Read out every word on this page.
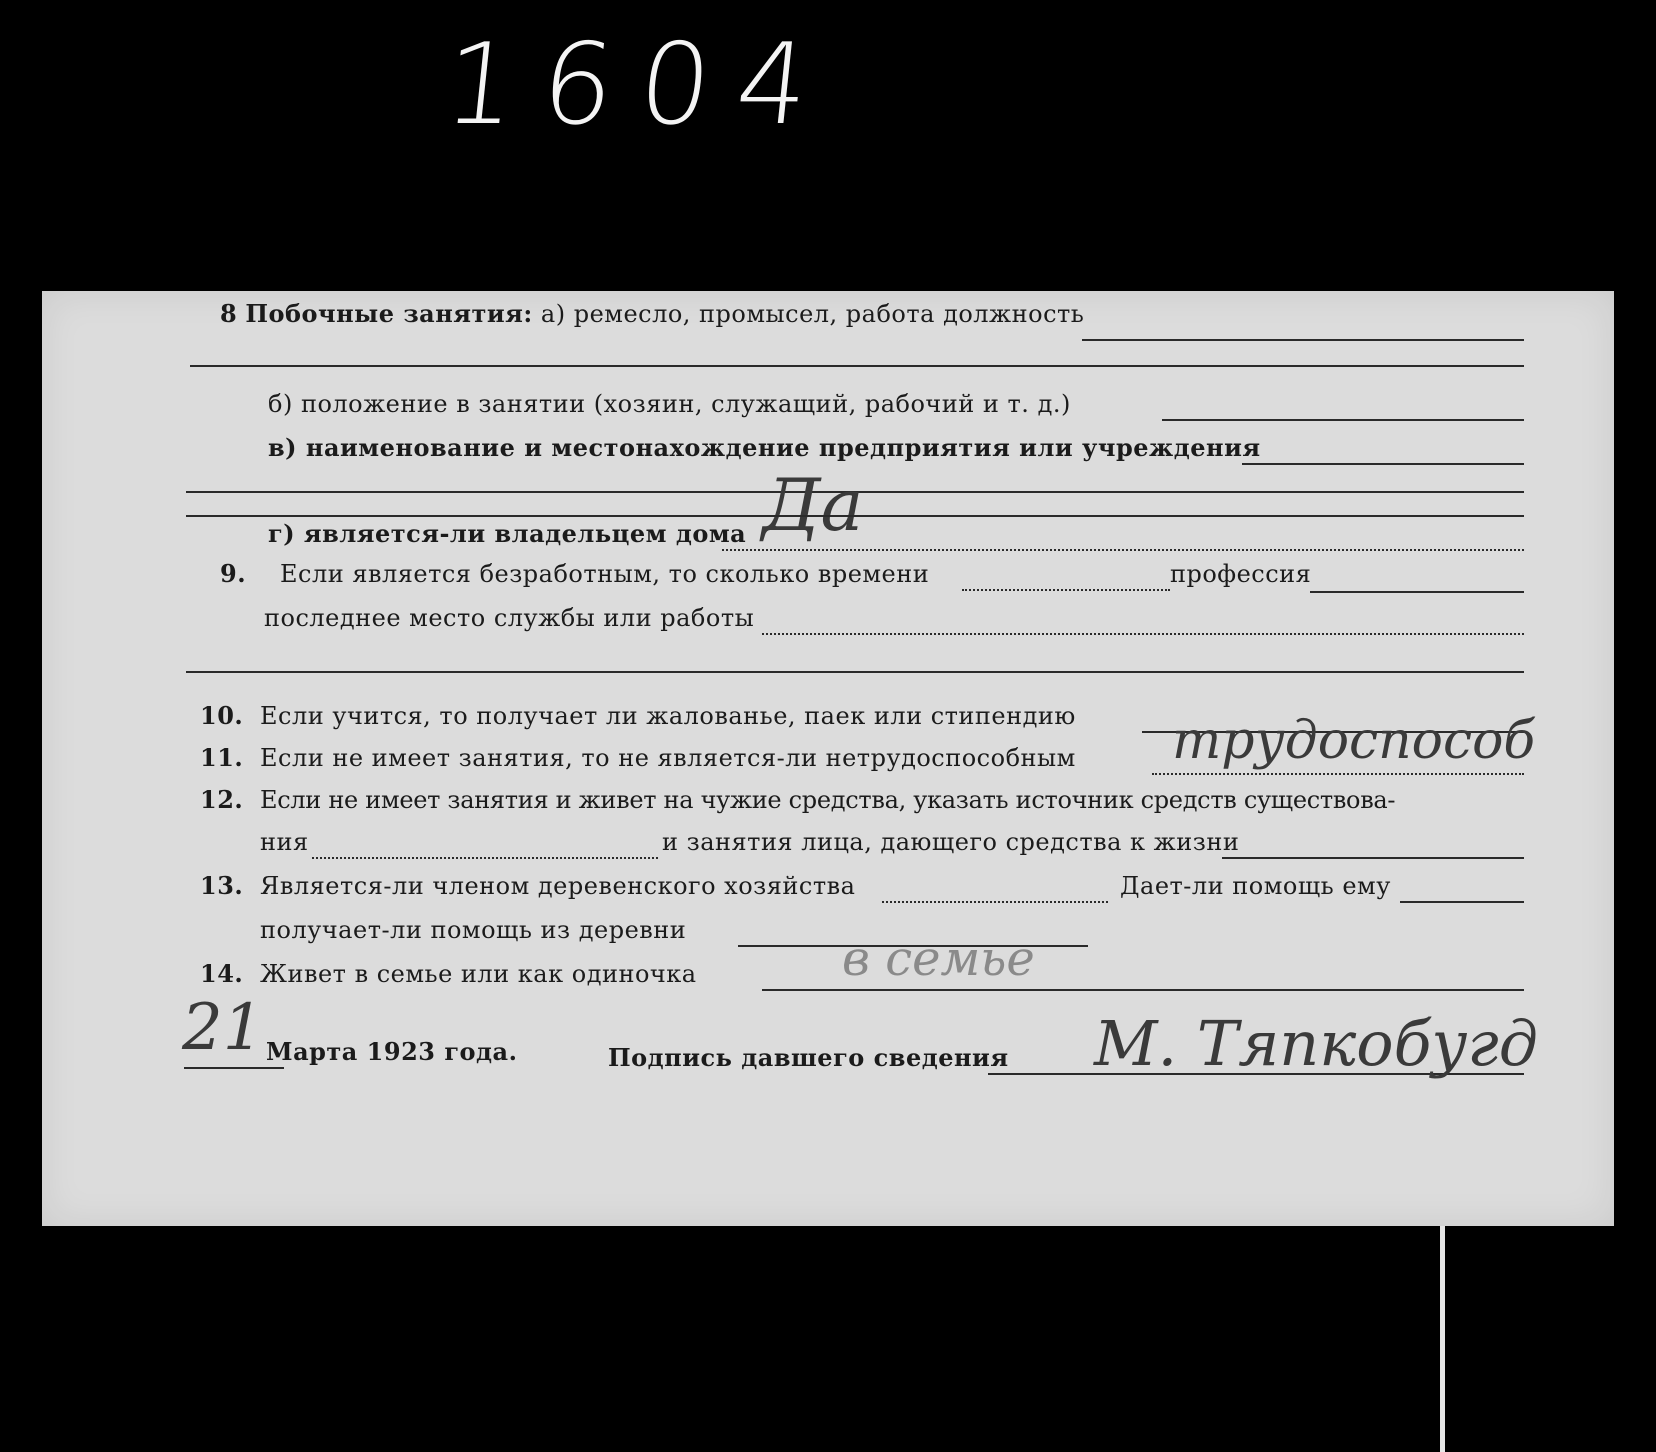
1604
8 Побочные занятия: а) ремесло, промысел, работа должность
б) положение в занятии (хозяин, служащий, рабочий и т. д.)
в) наименование и местонахождение предприятия или учреждения
г) является-ли владельцем дома Да
9. Если является безработным, то сколько времени	профессия
последнее место службы или работы
10. Если учится, то получает ли жалованье, паек или стипендию
11. Если не имеет занятия, то не является-ли нетрудоспособным трудоспособ
12. Если не имеет занятия и живет на чужие средства, указать источник средств существова-
ния	и занятия лица, дающего средства к жизни
13. Является-ли членом деревенского хозяйства	Дает-ли помощь ему
получает-ли помощь из деревни
14. Живет в семье или как одиночка	в семье
21 Марта 1923 года.	Подпись давшего сведения М. Тяпкобугд
